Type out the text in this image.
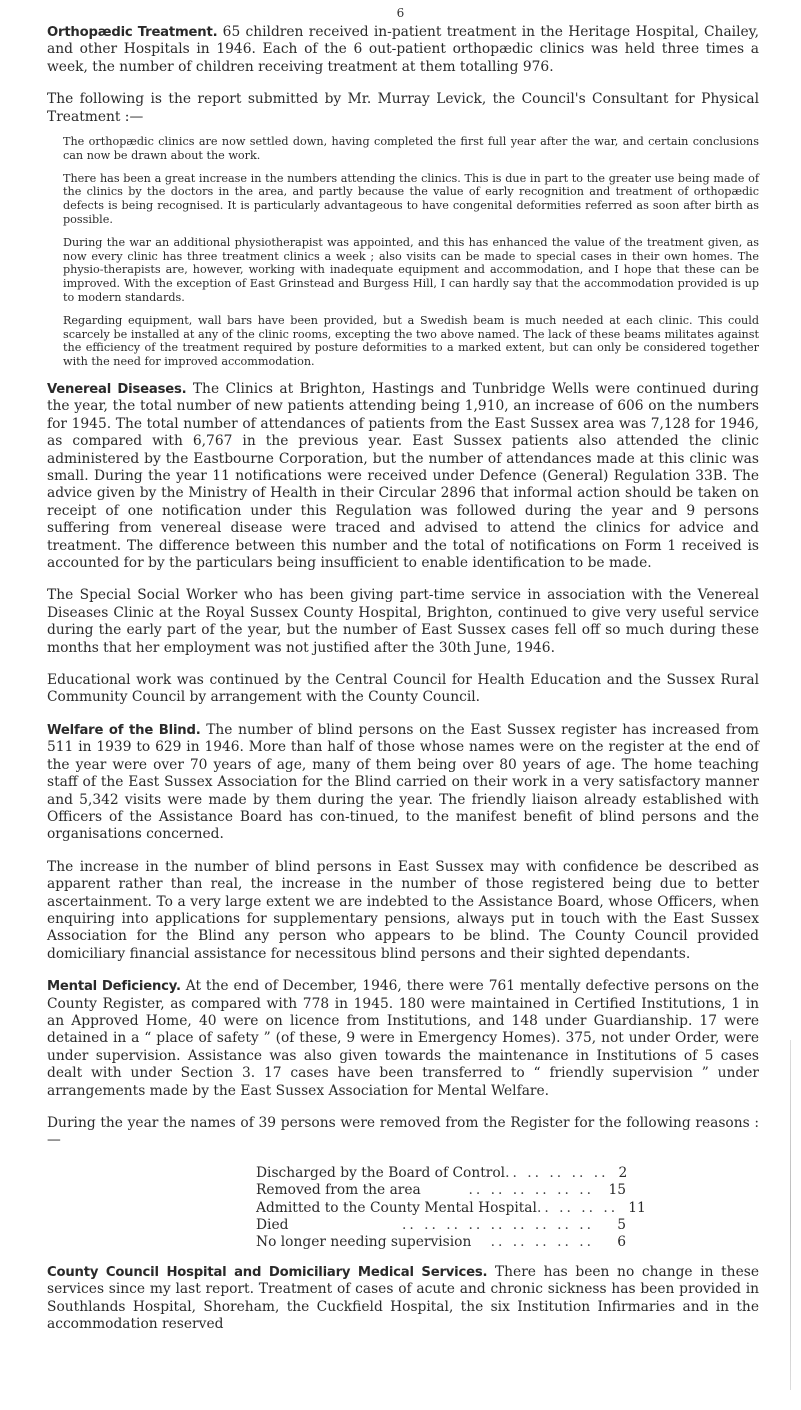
6

Orthopædic Treatment. 65 children received in-patient treatment in the Heritage Hospital, Chailey, and other Hospitals in 1946. Each of the 6 out-patient orthopædic clinics was held three times a week, the number of children receiving treatment at them totalling 976.

The following is the report submitted by Mr. Murray Levick, the Council's Consultant for Physical Treatment :—

The orthopædic clinics are now settled down, having completed the first full year after the war, and certain conclusions can now be drawn about the work.

There has been a great increase in the numbers attending the clinics. This is due in part to the greater use being made of the clinics by the doctors in the area, and partly because the value of early recognition and treatment of orthopædic defects is being recognised. It is particularly advantageous to have congenital deformities referred as soon after birth as possible.

During the war an additional physiotherapist was appointed, and this has enhanced the value of the treatment given, as now every clinic has three treatment clinics a week ; also visits can be made to special cases in their own homes. The physio-therapists are, however, working with inadequate equipment and accommodation, and I hope that these can be improved. With the exception of East Grinstead and Burgess Hill, I can hardly say that the accommodation provided is up to modern standards.

Regarding equipment, wall bars have been provided, but a Swedish beam is much needed at each clinic. This could scarcely be installed at any of the clinic rooms, excepting the two above named. The lack of these beams militates against the efficiency of the treatment required by posture deformities to a marked extent, but can only be considered together with the need for improved accommodation.

Venereal Diseases. The Clinics at Brighton, Hastings and Tunbridge Wells were continued during the year, the total number of new patients attending being 1,910, an increase of 606 on the numbers for 1945. The total number of attendances of patients from the East Sussex area was 7,128 for 1946, as compared with 6,767 in the previous year. East Sussex patients also attended the clinic administered by the Eastbourne Corporation, but the number of attendances made at this clinic was small. During the year 11 notifications were received under Defence (General) Regulation 33B. The advice given by the Ministry of Health in their Circular 2896 that informal action should be taken on receipt of one notification under this Regulation was followed during the year and 9 persons suffering from venereal disease were traced and advised to attend the clinics for advice and treatment. The difference between this number and the total of notifications on Form 1 received is accounted for by the particulars being insufficient to enable identification to be made.

The Special Social Worker who has been giving part-time service in association with the Venereal Diseases Clinic at the Royal Sussex County Hospital, Brighton, continued to give very useful service during the early part of the year, but the number of East Sussex cases fell off so much during these months that her employment was not justified after the 30th June, 1946.

Educational work was continued by the Central Council for Health Education and the Sussex Rural Community Council by arrangement with the County Council.

Welfare of the Blind. The number of blind persons on the East Sussex register has increased from 511 in 1939 to 629 in 1946. More than half of those whose names were on the register at the end of the year were over 70 years of age, many of them being over 80 years of age. The home teaching staff of the East Sussex Association for the Blind carried on their work in a very satisfactory manner and 5,342 visits were made by them during the year. The friendly liaison already established with Officers of the Assistance Board has con-tinued, to the manifest benefit of blind persons and the organisations concerned.

The increase in the number of blind persons in East Sussex may with confidence be described as apparent rather than real, the increase in the number of those registered being due to better ascertainment. To a very large extent we are indebted to the Assistance Board, whose Officers, when enquiring into applications for supplementary pensions, always put in touch with the East Sussex Association for the Blind any person who appears to be blind. The County Council provided domiciliary financial assistance for necessitous blind persons and their sighted dependants.

Mental Deficiency. At the end of December, 1946, there were 761 mentally defective persons on the County Register, as compared with 778 in 1945. 180 were maintained in Certified Institutions, 1 in an Approved Home, 40 were on licence from Institutions, and 148 under Guardianship. 17 were detained in a “ place of safety ” (of these, 9 were in Emergency Homes). 375, not under Order, were under supervision. Assistance was also given towards the maintenance in Institutions of 5 cases dealt with under Section 3. 17 cases have been transferred to “ friendly supervision ” under arrangements made by the East Sussex Association for Mental Welfare.

During the year the names of 39 persons were removed from the Register for the following reasons :—

Discharged by the Board of Control .. .. .. .. .. 2
Removed from the area	.. .. .. .. .. ..	15
Admitted to the County Mental Hospital .. .. .. .. 11
Died	.. .. .. .. .. .. .. .. ..	5
No longer needing supervision	.. .. .. .. ..	6

County Council Hospital and Domiciliary Medical Services. There has been no change in these services since my last report. Treatment of cases of acute and chronic sickness has been provided in Southlands Hospital, Shoreham, the Cuckfield Hospital, the six Institution Infirmaries and in the accommodation reserved
